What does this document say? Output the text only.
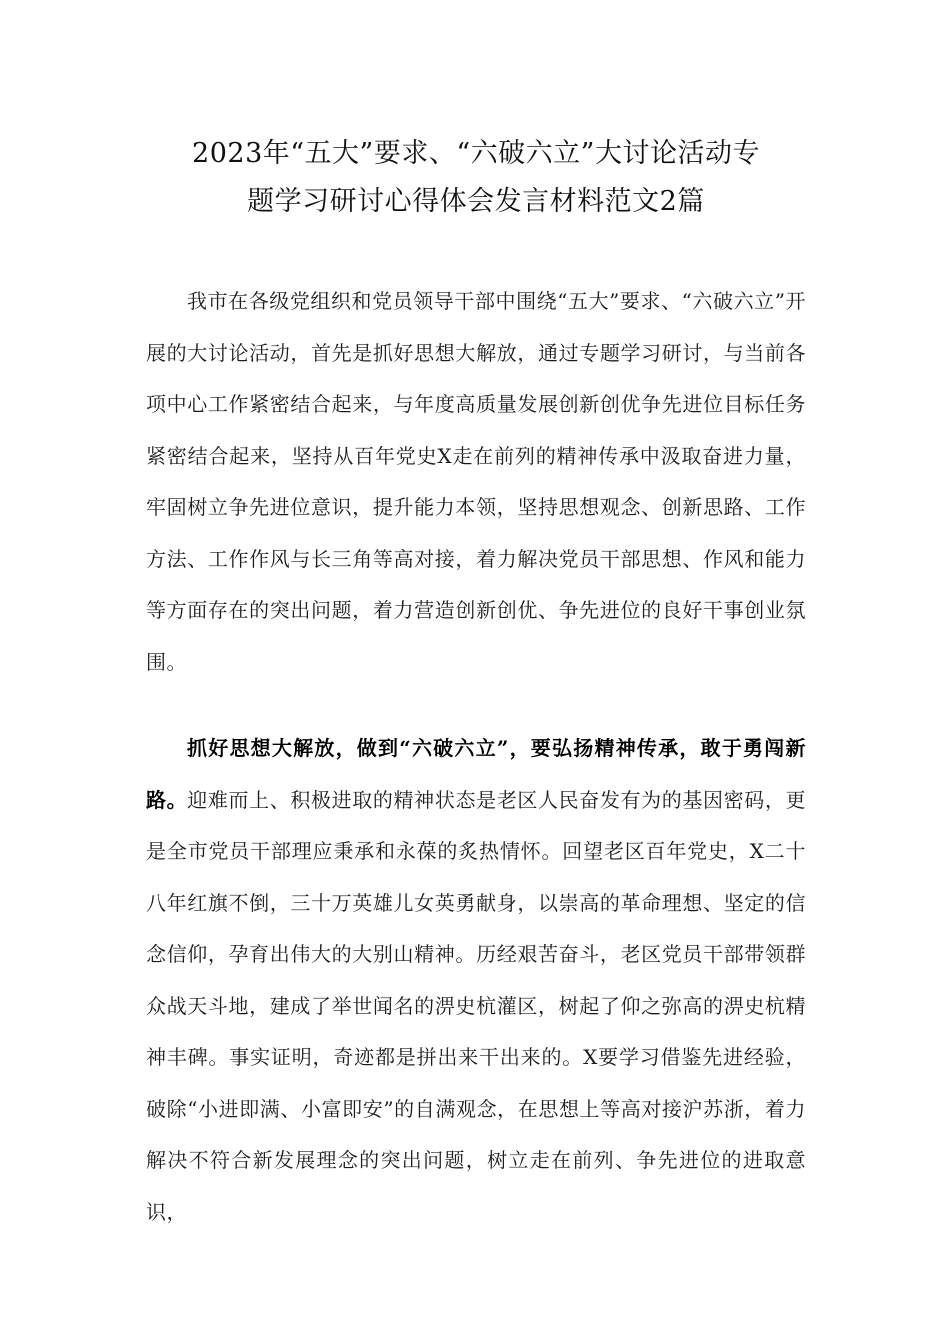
2023年“五大”要求、“六破六立”大讨论活动专
题学习研讨心得体会发言材料范文2篇

我市在各级党组织和党员领导干部中围绕“五大”要求、“六破六立”开展的大讨论活动，首先是抓好思想大解放，通过专题学习研讨，与当前各项中心工作紧密结合起来，与年度高质量发展创新创优争先进位目标任务紧密结合起来，坚持从百年党史X走在前列的精神传承中汲取奋进力量，牢固树立争先进位意识，提升能力本领，坚持思想观念、创新思路、工作方法、工作作风与长三角等高对接，着力解决党员干部思想、作风和能力等方面存在的突出问题，着力营造创新创优、争先进位的良好干事创业氛围。

抓好思想大解放，做到“六破六立”，要弘扬精神传承，敢于勇闯新路。迎难而上、积极进取的精神状态是老区人民奋发有为的基因密码，更是全市党员干部理应秉承和永葆的炙热情怀。回望老区百年党史，X二十八年红旗不倒，三十万英雄儿女英勇献身，以崇高的革命理想、坚定的信念信仰，孕育出伟大的大别山精神。历经艰苦奋斗，老区党员干部带领群众战天斗地，建成了举世闻名的淠史杭灌区，树起了仰之弥高的淠史杭精神丰碑。事实证明，奇迹都是拼出来干出来的。X要学习借鉴先进经验，破除“小进即满、小富即安”的自满观念，在思想上等高对接沪苏浙，着力解决不符合新发展理念的突出问题，树立走在前列、争先进位的进取意识，
